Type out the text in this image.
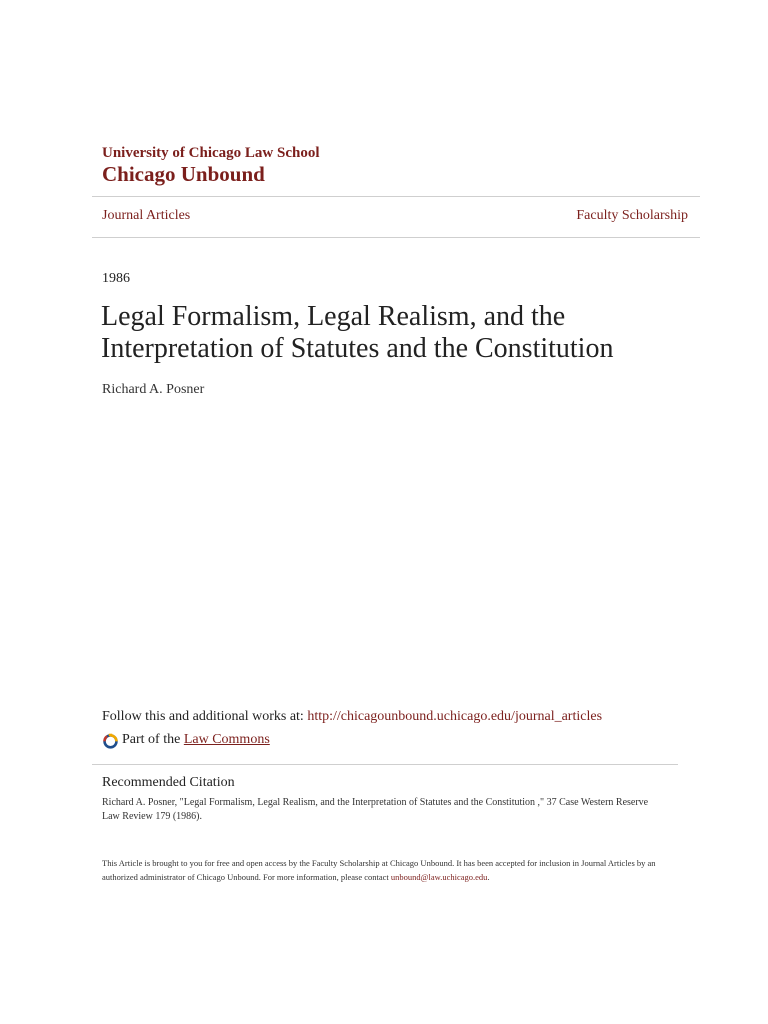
University of Chicago Law School
Chicago Unbound
Journal Articles	Faculty Scholarship
1986
Legal Formalism, Legal Realism, and the Interpretation of Statutes and the Constitution
Richard A. Posner
Follow this and additional works at: http://chicagounbound.uchicago.edu/journal_articles
Part of the
Law Commons
Recommended Citation
Richard A. Posner, "Legal Formalism, Legal Realism, and the Interpretation of Statutes and the Constitution ," 37 Case Western Reserve Law Review 179 (1986).
This Article is brought to you for free and open access by the Faculty Scholarship at Chicago Unbound. It has been accepted for inclusion in Journal Articles by an authorized administrator of Chicago Unbound. For more information, please contact unbound@law.uchicago.edu.
